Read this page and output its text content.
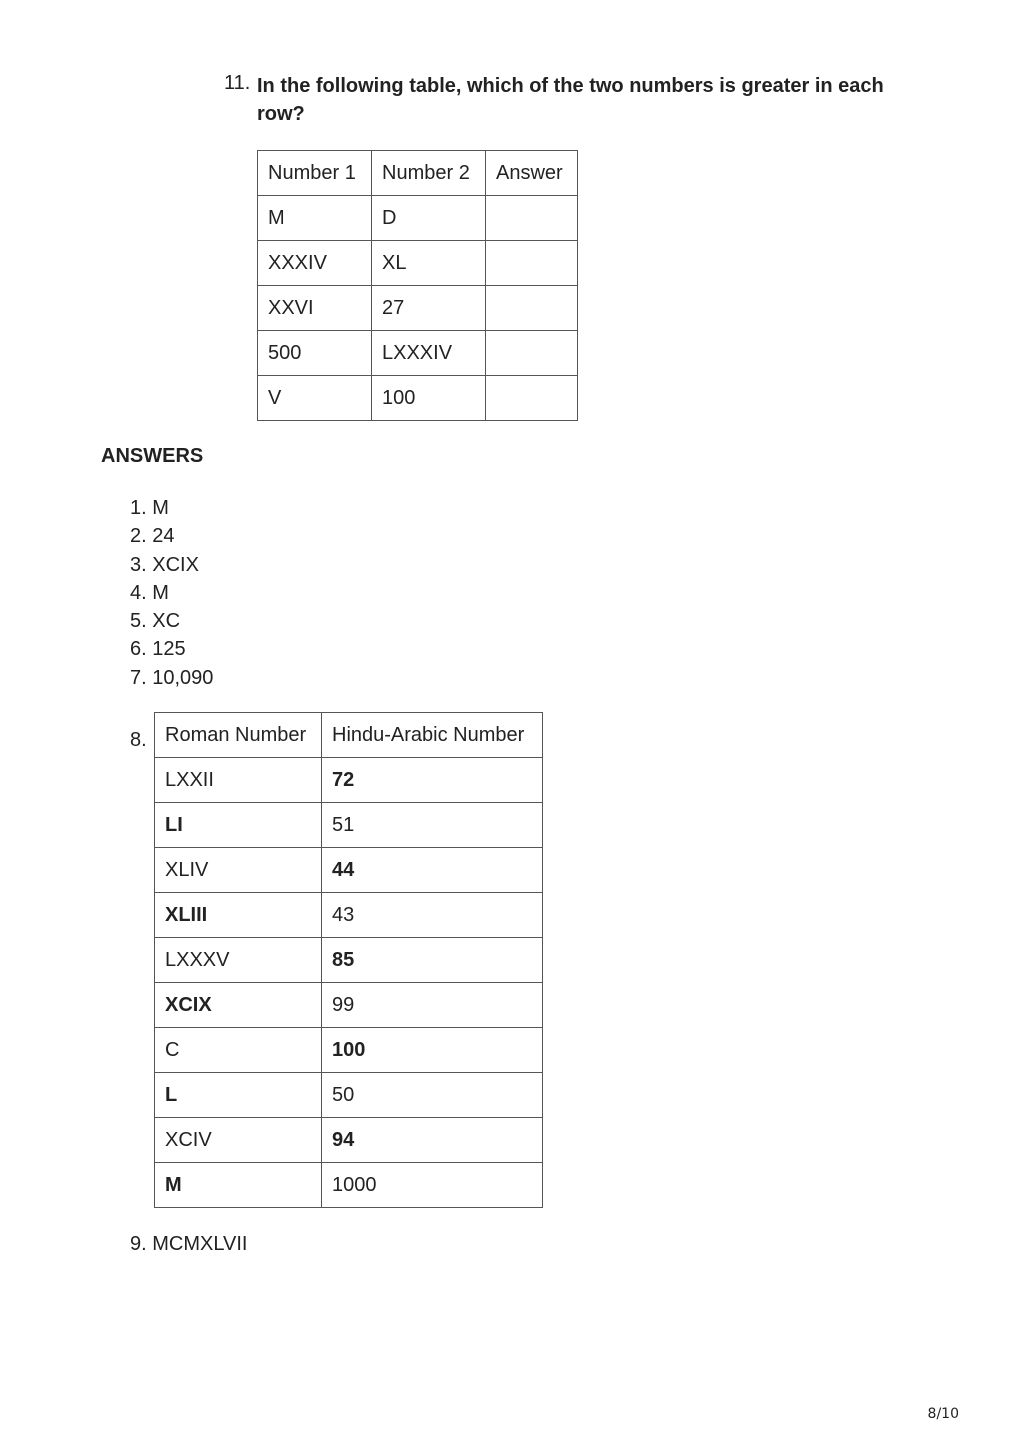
11. In the following table, which of the two numbers is greater in each row?
Number 1	Number 2	Answer
M	D	
XXXIV	XL	
XXVI	27	
500	LXXXIV	
V	100	
ANSWERS
1. M
2. 24
3. XCIX
4. M
5. XC
6. 125
7. 10,090
8. Roman Number	Hindu-Arabic Number
LXXII	72
LI	51
XLIV	44
XLIII	43
LXXXV	85
XCIX	99
C	100
L	50
XCIV	94
M	1000
9. MCMXLVII
8/10
